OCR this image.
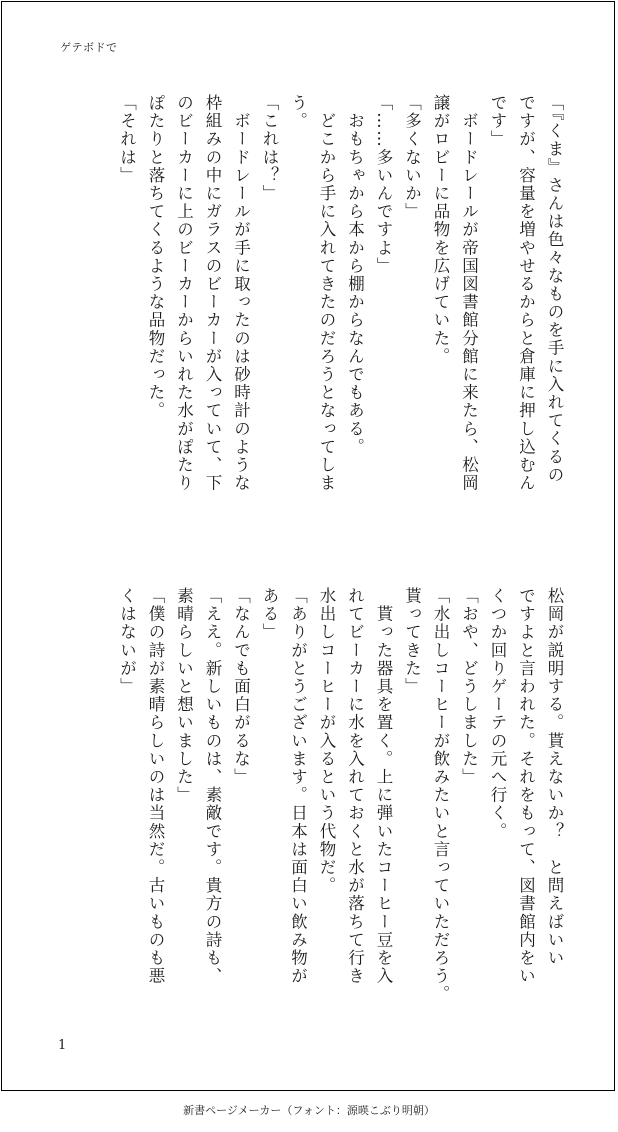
ゲテボドで
「『くま』さんは色々なものを手に入れてくるの
ですが、容量を増やせるからと倉庫に押し込むん
です」
　ボードレールが帝国図書館分館に来たら、松岡
譲がロビーに品物を広げていた。
「多くないか」
「……多いんですよ」
　おもちゃから本から棚からなんでもある。
　どこから手に入れてきたのだろうとなってしま
う。
「これは？」
　ボードレールが手に取ったのは砂時計のような
枠組みの中にガラスのビーカーが入っていて、下
のビーカーに上のビーカーからいれた水がぽたり
ぽたりと落ちてくるような品物だった。
「それは」
松岡が説明する。貰えないか？　と問えばいい
ですよと言われた。それをもって、図書館内をい
くつか回りゲーテの元へ行く。
「おや、どうしました」
「水出しコーヒーが飲みたいと言っていただろう。
貰ってきた」
　貰った器具を置く。上に弾いたコーヒー豆を入
れてビーカーに水を入れておくと水が落ちて行き
水出しコーヒーが入るという代物だ。
「ありがとうございます。日本は面白い飲み物が
ある」
「なんでも面白がるな」
「ええ。新しいものは、素敵です。貴方の詩も、
素晴らしいと想いました」
「僕の詩が素晴らしいのは当然だ。古いものも悪
くはないが」
1
新書ページメーカー（フォント：源暎こぶり明朝）
